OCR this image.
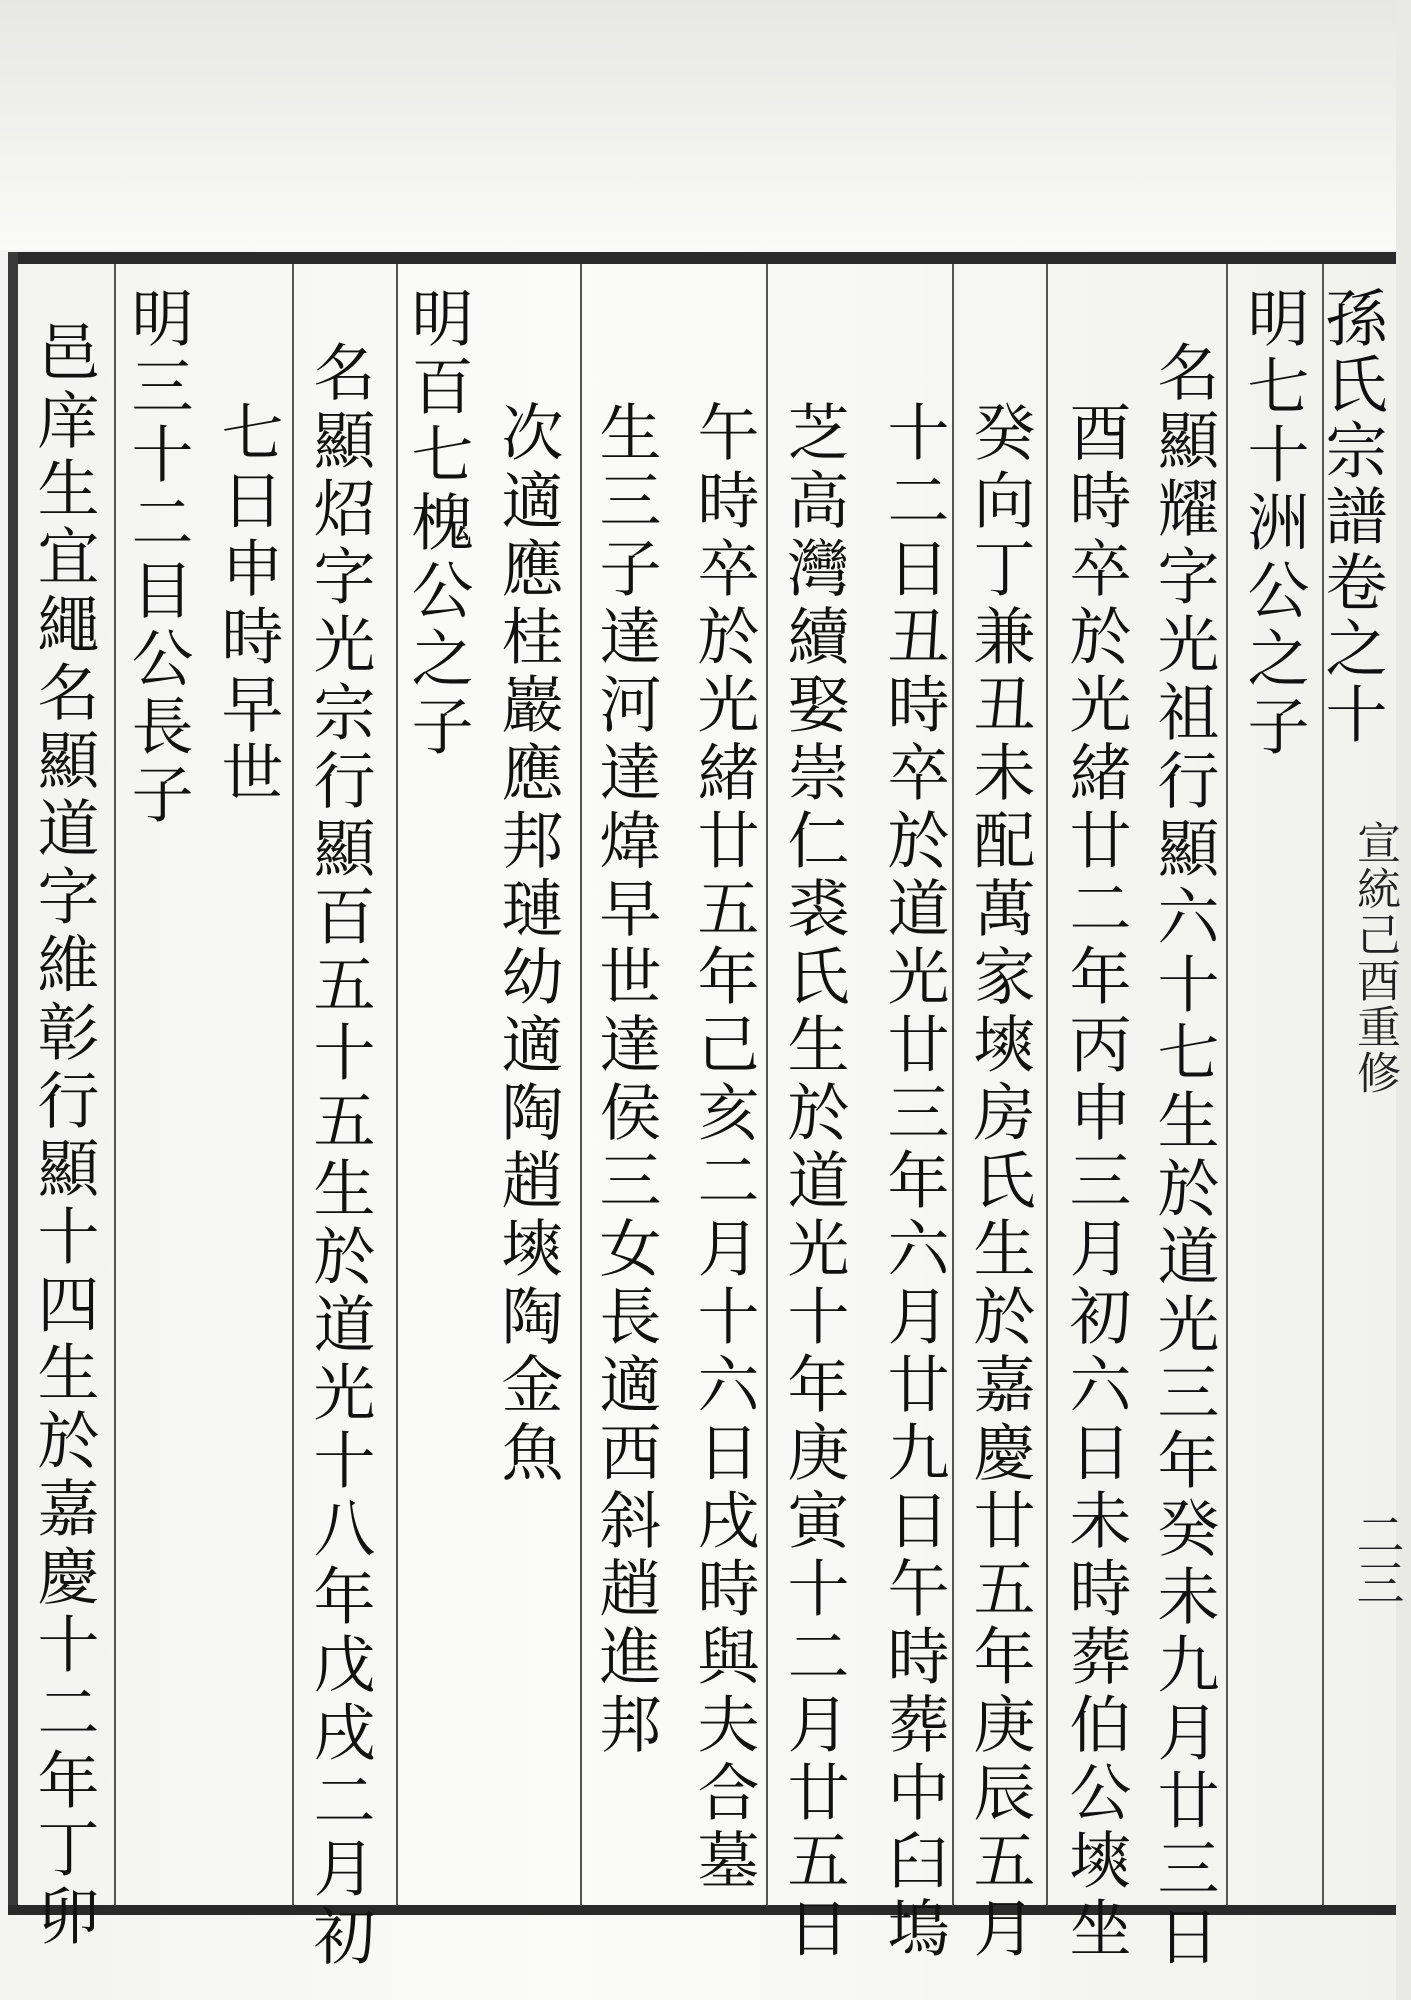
孫氏宗譜卷之十
宣統己酉重修
二三
明七十洲公之子
名顯耀字光祖行顯六十七生於道光三年癸未九月廿三日
酉時卒於光緒廿二年丙申三月初六日未時葬伯公塽坐
癸向丁兼丑未配萬家塽房氏生於嘉慶廿五年庚辰五月
十二日丑時卒於道光廿三年六月廿九日午時葬中臼塢
芝高灣續娶崇仁裘氏生於道光十年庚寅十二月廿五日
午時卒於光緒廿五年己亥二月十六日戌時與夫合墓
生三子達河達煒早世達侯三女長適西斜趙進邦
次適應桂巖應邦璉幼適陶趙塽陶金魚
明百七槐公之子
名顯炤字光宗行顯百五十五生於道光十八年戊戌二月初
七日申時早世
明三十二目公長子
邑庠生宜繩名顯道字維彰行顯十四生於嘉慶十二年丁卯
